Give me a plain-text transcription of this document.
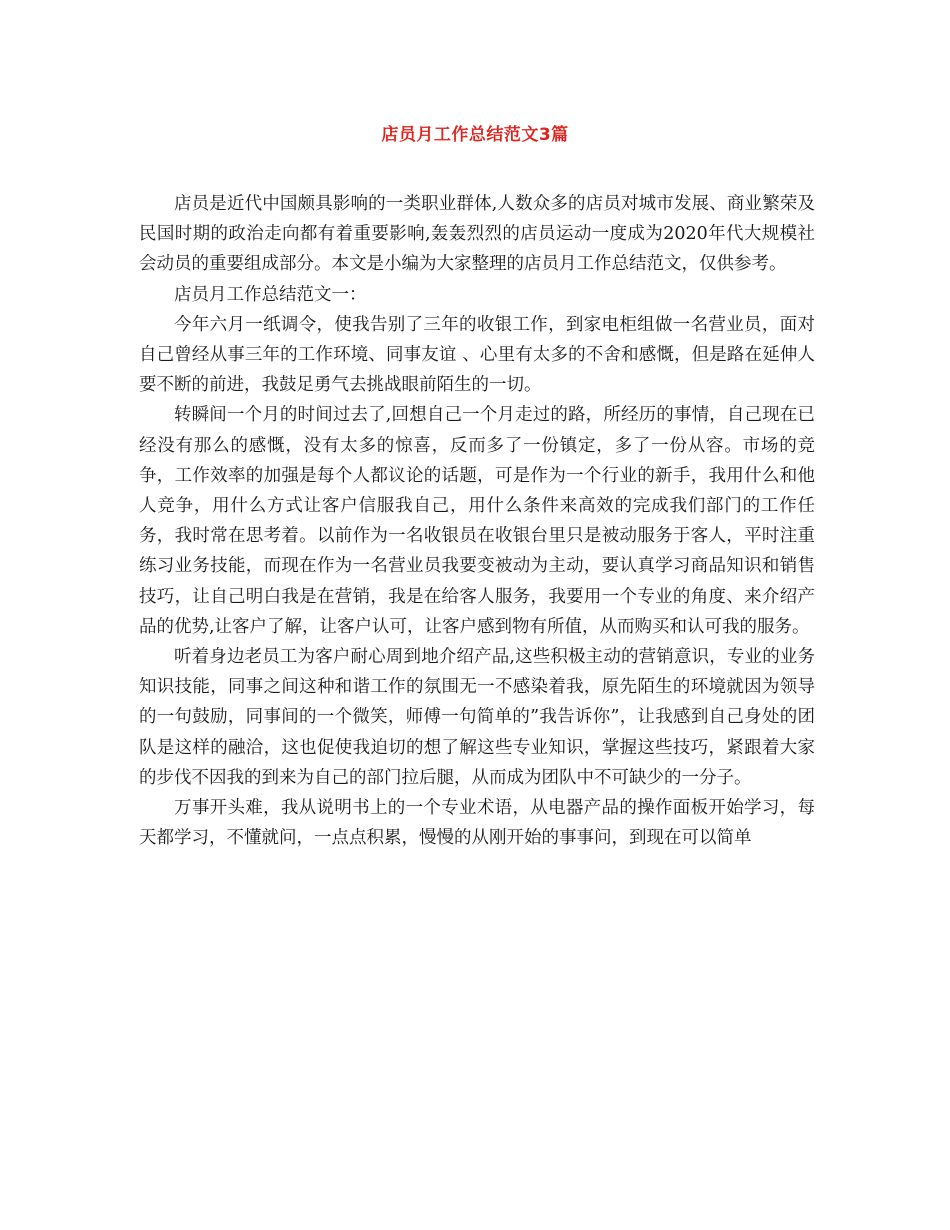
店员月工作总结范文3篇

店员是近代中国颇具影响的一类职业群体,人数众多的店员对城市发展、商业繁荣及民国时期的政治走向都有着重要影响,轰轰烈烈的店员运动一度成为2020年代大规模社会动员的重要组成部分。本文是小编为大家整理的店员月工作总结范文，仅供参考。

店员月工作总结范文一：

今年六月一纸调令，使我告别了三年的收银工作，到家电柜组做一名营业员，面对自己曾经从事三年的工作环境、同事友谊 、心里有太多的不舍和感慨，但是路在延伸人要不断的前进，我鼓足勇气去挑战眼前陌生的一切。

转瞬间一个月的时间过去了,回想自己一个月走过的路，所经历的事情，自己现在已经没有那么的感慨，没有太多的惊喜，反而多了一份镇定，多了一份从容。市场的竞争，工作效率的加强是每个人都议论的话题，可是作为一个行业的新手，我用什么和他人竞争，用什么方式让客户信服我自己，用什么条件来高效的完成我们部门的工作任务，我时常在思考着。以前作为一名收银员在收银台里只是被动服务于客人，平时注重练习业务技能，而现在作为一名营业员我要变被动为主动，要认真学习商品知识和销售技巧，让自己明白我是在营销，我是在给客人服务，我要用一个专业的角度、来介绍产品的优势,让客户了解，让客户认可，让客户感到物有所值，从而购买和认可我的服务。

听着身边老员工为客户耐心周到地介绍产品,这些积极主动的营销意识，专业的业务知识技能，同事之间这种和谐工作的氛围无一不感染着我，原先陌生的环境就因为领导的一句鼓励，同事间的一个微笑，师傅一句简单的”我告诉你”，让我感到自己身处的团队是这样的融洽，这也促使我迫切的想了解这些专业知识，掌握这些技巧，紧跟着大家的步伐不因我的到来为自己的部门拉后腿，从而成为团队中不可缺少的一分子。

万事开头难，我从说明书上的一个专业术语，从电器产品的操作面板开始学习，每天都学习，不懂就问，一点点积累，慢慢的从刚开始的事事问，到现在可以简单
